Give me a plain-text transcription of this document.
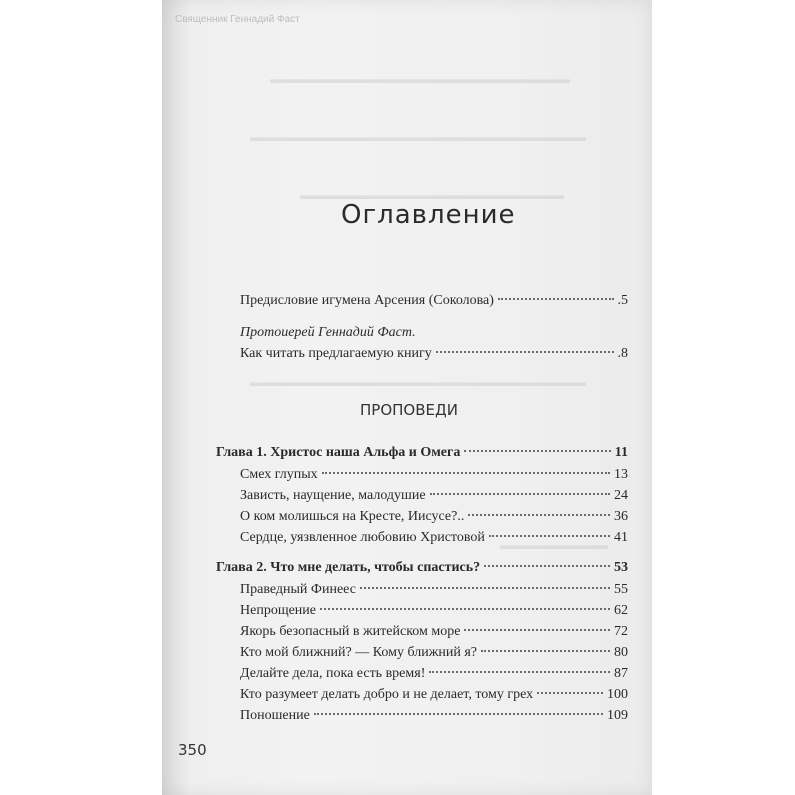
▬▬▬▬▬▬▬▬▬▬▬▬▬▬▬▬▬▬▬▬▬▬▬▬▬
▬▬▬▬▬▬▬▬▬▬▬▬▬▬▬▬▬▬▬▬▬▬▬▬▬▬▬▬
▬▬▬▬▬▬▬▬▬▬▬▬▬▬▬▬▬▬▬▬▬▬
▬▬▬▬▬▬▬▬▬▬▬▬▬▬▬▬▬▬▬▬▬▬▬▬▬▬▬▬
▬▬▬▬▬▬▬▬▬
Священник Геннадий Фаст
Оглавление
Предисловие игумена Арсения (Соколова)	.5
Протоиерей Геннадий Фаст.
Как читать предлагаемую книгу	.8
ПРОПОВЕДИ
Глава 1. Христос наша Альфа и Омега	11
Смех глупых	13
Зависть, наущение, малодушие	24
О ком молишься на Кресте, Иисусе?..	36
Сердце, уязвленное любовию Христовой	41
Глава 2. Что мне делать, чтобы спастись?	53
Праведный Финеес	55
Непрощение	62
Якорь безопасный в житейском море	72
Кто мой ближний? — Кому ближний я?	80
Делайте дела, пока есть время!	87
Кто разумеет делать добро и не делает, тому грех	100
Поношение	109
350
